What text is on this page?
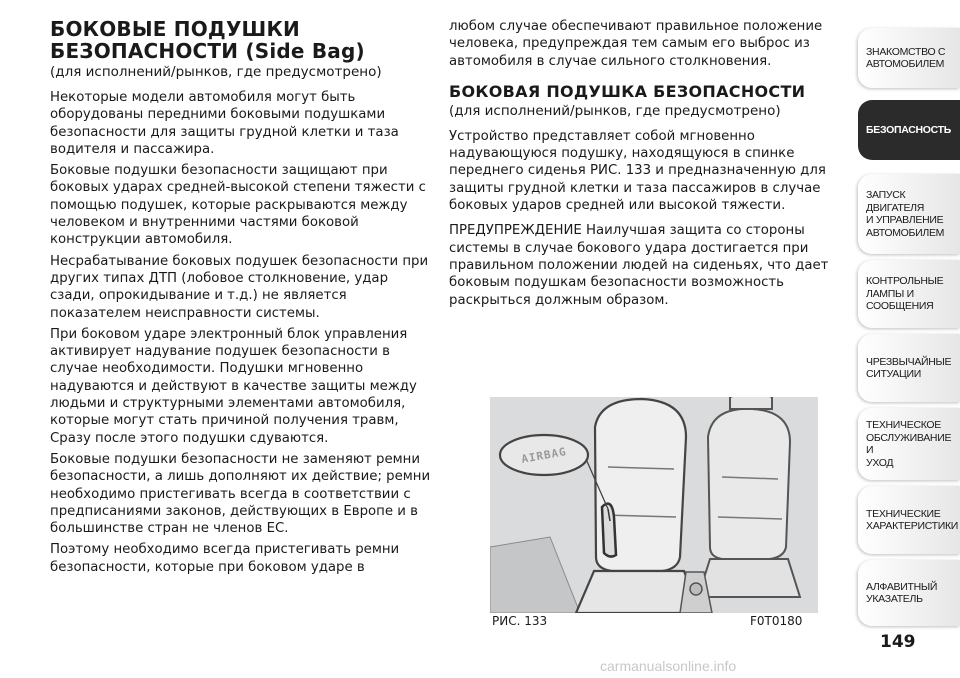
БОКОВЫЕ ПОДУШКИ
БЕЗОПАСНОСТИ (Side Bag)

(для исполнений/рынков, где предусмотрено)

Некоторые модели автомобиля могут быть оборудованы передними боковыми подушками безопасности для защиты грудной клетки и таза водителя и пассажира.

Боковые подушки безопасности защищают при боковых ударах средней-высокой степени тяжести с помощью подушек, которые раскрываются между человеком и внутренними частями боковой конструкции автомобиля.

Несрабатывание боковых подушек безопасности при других типах ДТП (лобовое столкновение, удар сзади, опрокидывание и т.д.) не является показателем неисправности системы.

При боковом ударе электронный блок управления активирует надувание подушек безопасности в случае необходимости. Подушки мгновенно надуваются и действуют в качестве защиты между людьми и структурными элементами автомобиля, которые могут стать причиной получения травм, Сразу после этого подушки сдуваются.

Боковые подушки безопасности не заменяют ремни безопасности, а лишь дополняют их действие; ремни необходимо пристегивать всегда в соответствии с предписаниями законов, действующих в Европе и в большинстве стран не членов ЕС.

Поэтому необходимо всегда пристегивать ремни безопасности, которые при боковом ударе в

любом случае обеспечивают правильное положение человека, предупреждая тем самым его выброс из автомобиля в случае сильного столкновения.

БОКОВАЯ ПОДУШКА БЕЗОПАСНОСТИ

(для исполнений/рынков, где предусмотрено)

Устройство представляет собой мгновенно надувающуюся подушку, находящуюся в спинке переднего сиденья РИС. 133 и предназначенную для защиты грудной клетки и таза пассажиров в случае боковых ударов средней или высокой тяжести.

ПРЕДУПРЕЖДЕНИЕ Наилучшая защита со стороны системы в случае бокового удара достигается при правильном положении людей на сиденьях, что дает боковым подушкам безопасности возможность раскрыться должным образом.

AIRBAG
РИС. 133	F0T0180
ЗНАКОМСТВО С
АВТОМОБИЛЕМ
БЕЗОПАСНОСТЬ
ЗАПУСК ДВИГАТЕЛЯ
И УПРАВЛЕНИЕ
АВТОМОБИЛЕМ
КОНТРОЛЬНЫЕ
ЛАМПЫ И
СООБЩЕНИЯ
ЧРЕЗВЫЧАЙНЫЕ
СИТУАЦИИ
ТЕХНИЧЕСКОЕ
ОБСЛУЖИВАНИЕ И
УХОД
ТЕХНИЧЕСКИЕ
ХАРАКТЕРИСТИКИ
АЛФАВИТНЫЙ
УКАЗАТЕЛЬ
149
carmanualsonline.info
